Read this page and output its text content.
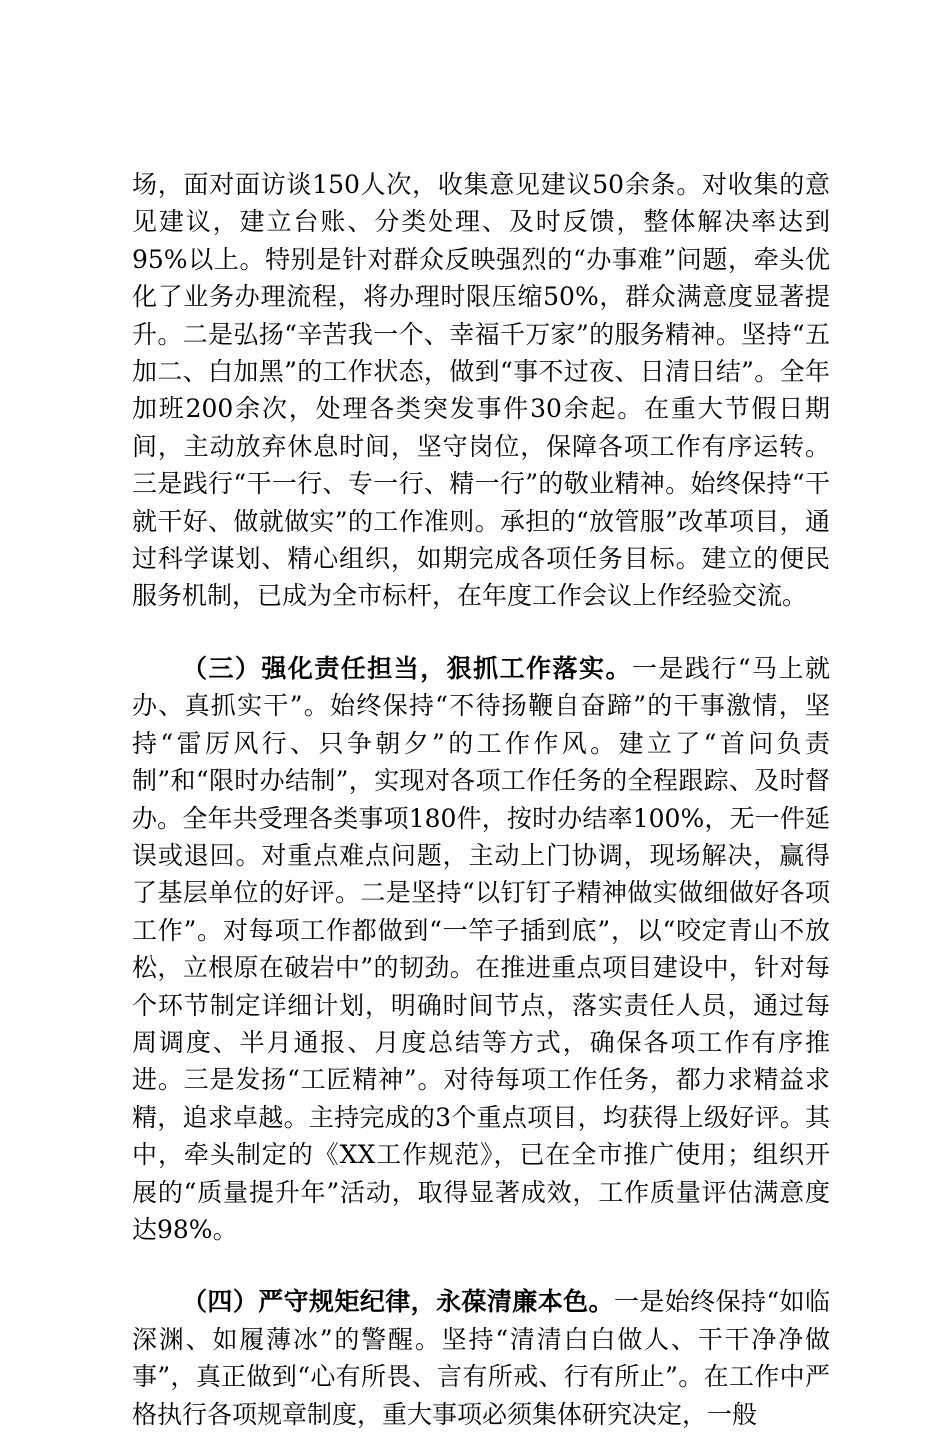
场，面对面访谈150人次，收集意见建议50余条。对收集的意见建议，建立台账、分类处理、及时反馈，整体解决率达到95%以上。特别是针对群众反映强烈的“办事难”问题，牵头优化了业务办理流程，将办理时限压缩50%，群众满意度显著提升。二是弘扬“辛苦我一个、幸福千万家”的服务精神。坚持“五加二、白加黑”的工作状态，做到“事不过夜、日清日结”。全年加班200余次，处理各类突发事件30余起。在重大节假日期间，主动放弃休息时间，坚守岗位，保障各项工作有序运转。三是践行“干一行、专一行、精一行”的敬业精神。始终保持“干就干好、做就做实”的工作准则。承担的“放管服”改革项目，通过科学谋划、精心组织，如期完成各项任务目标。建立的便民服务机制，已成为全市标杆，在年度工作会议上作经验交流。

（三）强化责任担当，狠抓工作落实。一是践行“马上就办、真抓实干”。始终保持“不待扬鞭自奋蹄”的干事激情，坚持“雷厉风行、只争朝夕”的工作作风。建立了“首问负责制”和“限时办结制”，实现对各项工作任务的全程跟踪、及时督办。全年共受理各类事项180件，按时办结率100%，无一件延误或退回。对重点难点问题，主动上门协调，现场解决，赢得了基层单位的好评。二是坚持“以钉钉子精神做实做细做好各项工作”。对每项工作都做到“一竿子插到底”，以“咬定青山不放松，立根原在破岩中”的韧劲。在推进重点项目建设中，针对每个环节制定详细计划，明确时间节点，落实责任人员，通过每周调度、半月通报、月度总结等方式，确保各项工作有序推进。三是发扬“工匠精神”。对待每项工作任务，都力求精益求精，追求卓越。主持完成的3个重点项目，均获得上级好评。其中，牵头制定的《XX工作规范》，已在全市推广使用；组织开展的“质量提升年”活动，取得显著成效，工作质量评估满意度达98%。

（四）严守规矩纪律，永葆清廉本色。一是始终保持“如临深渊、如履薄冰”的警醒。坚持“清清白白做人、干干净净做事”，真正做到“心有所畏、言有所戒、行有所止”。在工作中严格执行各项规章制度，重大事项必须集体研究决定，一般
